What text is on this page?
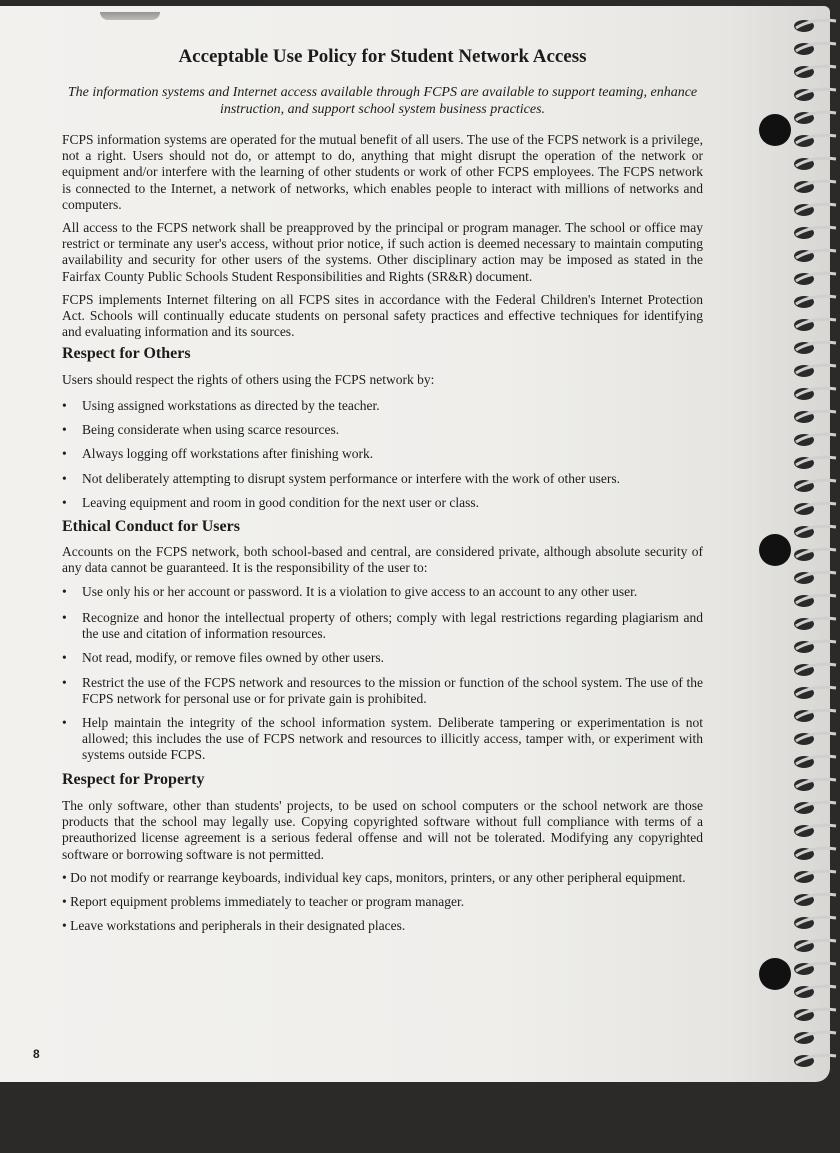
Acceptable Use Policy for Student Network Access

The information systems and Internet access available through FCPS are available to support teaming, enhance instruction, and support school system business practices.

FCPS information systems are operated for the mutual benefit of all users. The use of the FCPS network is a privilege, not a right. Users should not do, or attempt to do, anything that might disrupt the operation of the network or equipment and/or interfere with the learning of other students or work of other FCPS employees. The FCPS network is connected to the Internet, a network of networks, which enables people to interact with millions of networks and computers.

All access to the FCPS network shall be preapproved by the principal or program manager. The school or office may restrict or terminate any user's access, without prior notice, if such action is deemed necessary to maintain computing availability and security for other users of the systems. Other disciplinary action may be imposed as stated in the Fairfax County Public Schools Student Responsibilities and Rights (SR&R) document.

FCPS implements Internet filtering on all FCPS sites in accordance with the Federal Children's Internet Protection Act. Schools will continually educate students on personal safety practices and effective techniques for identifying and evaluating information and its sources.

Respect for Others

Users should respect the rights of others using the FCPS network by:

• Using assigned workstations as directed by the teacher.
• Being considerate when using scarce resources.
• Always logging off workstations after finishing work.
• Not deliberately attempting to disrupt system performance or interfere with the work of other users.
• Leaving equipment and room in good condition for the next user or class.
Ethical Conduct for Users

Accounts on the FCPS network, both school-based and central, are considered private, although absolute security of any data cannot be guaranteed. It is the responsibility of the user to:

• Use only his or her account or password. It is a violation to give access to an account to any other user.
• Recognize and honor the intellectual property of others; comply with legal restrictions regarding plagiarism and the use and citation of information resources.
• Not read, modify, or remove files owned by other users.
• Restrict the use of the FCPS network and resources to the mission or function of the school system. The use of the FCPS network for personal use or for private gain is prohibited.
• Help maintain the integrity of the school information system. Deliberate tampering or experimentation is not allowed; this includes the use of FCPS network and resources to illicitly access, tamper with, or experiment with systems outside FCPS.
Respect for Property

The only software, other than students' projects, to be used on school computers or the school network are those products that the school may legally use. Copying copyrighted software without full compliance with terms of a preauthorized license agreement is a serious federal offense and will not be tolerated. Modifying any copyrighted software or borrowing software is not permitted.

• Do not modify or rearrange keyboards, individual key caps, monitors, printers, or any other peripheral equipment.
• Report equipment problems immediately to teacher or program manager.
• Leave workstations and peripherals in their designated places.
8
